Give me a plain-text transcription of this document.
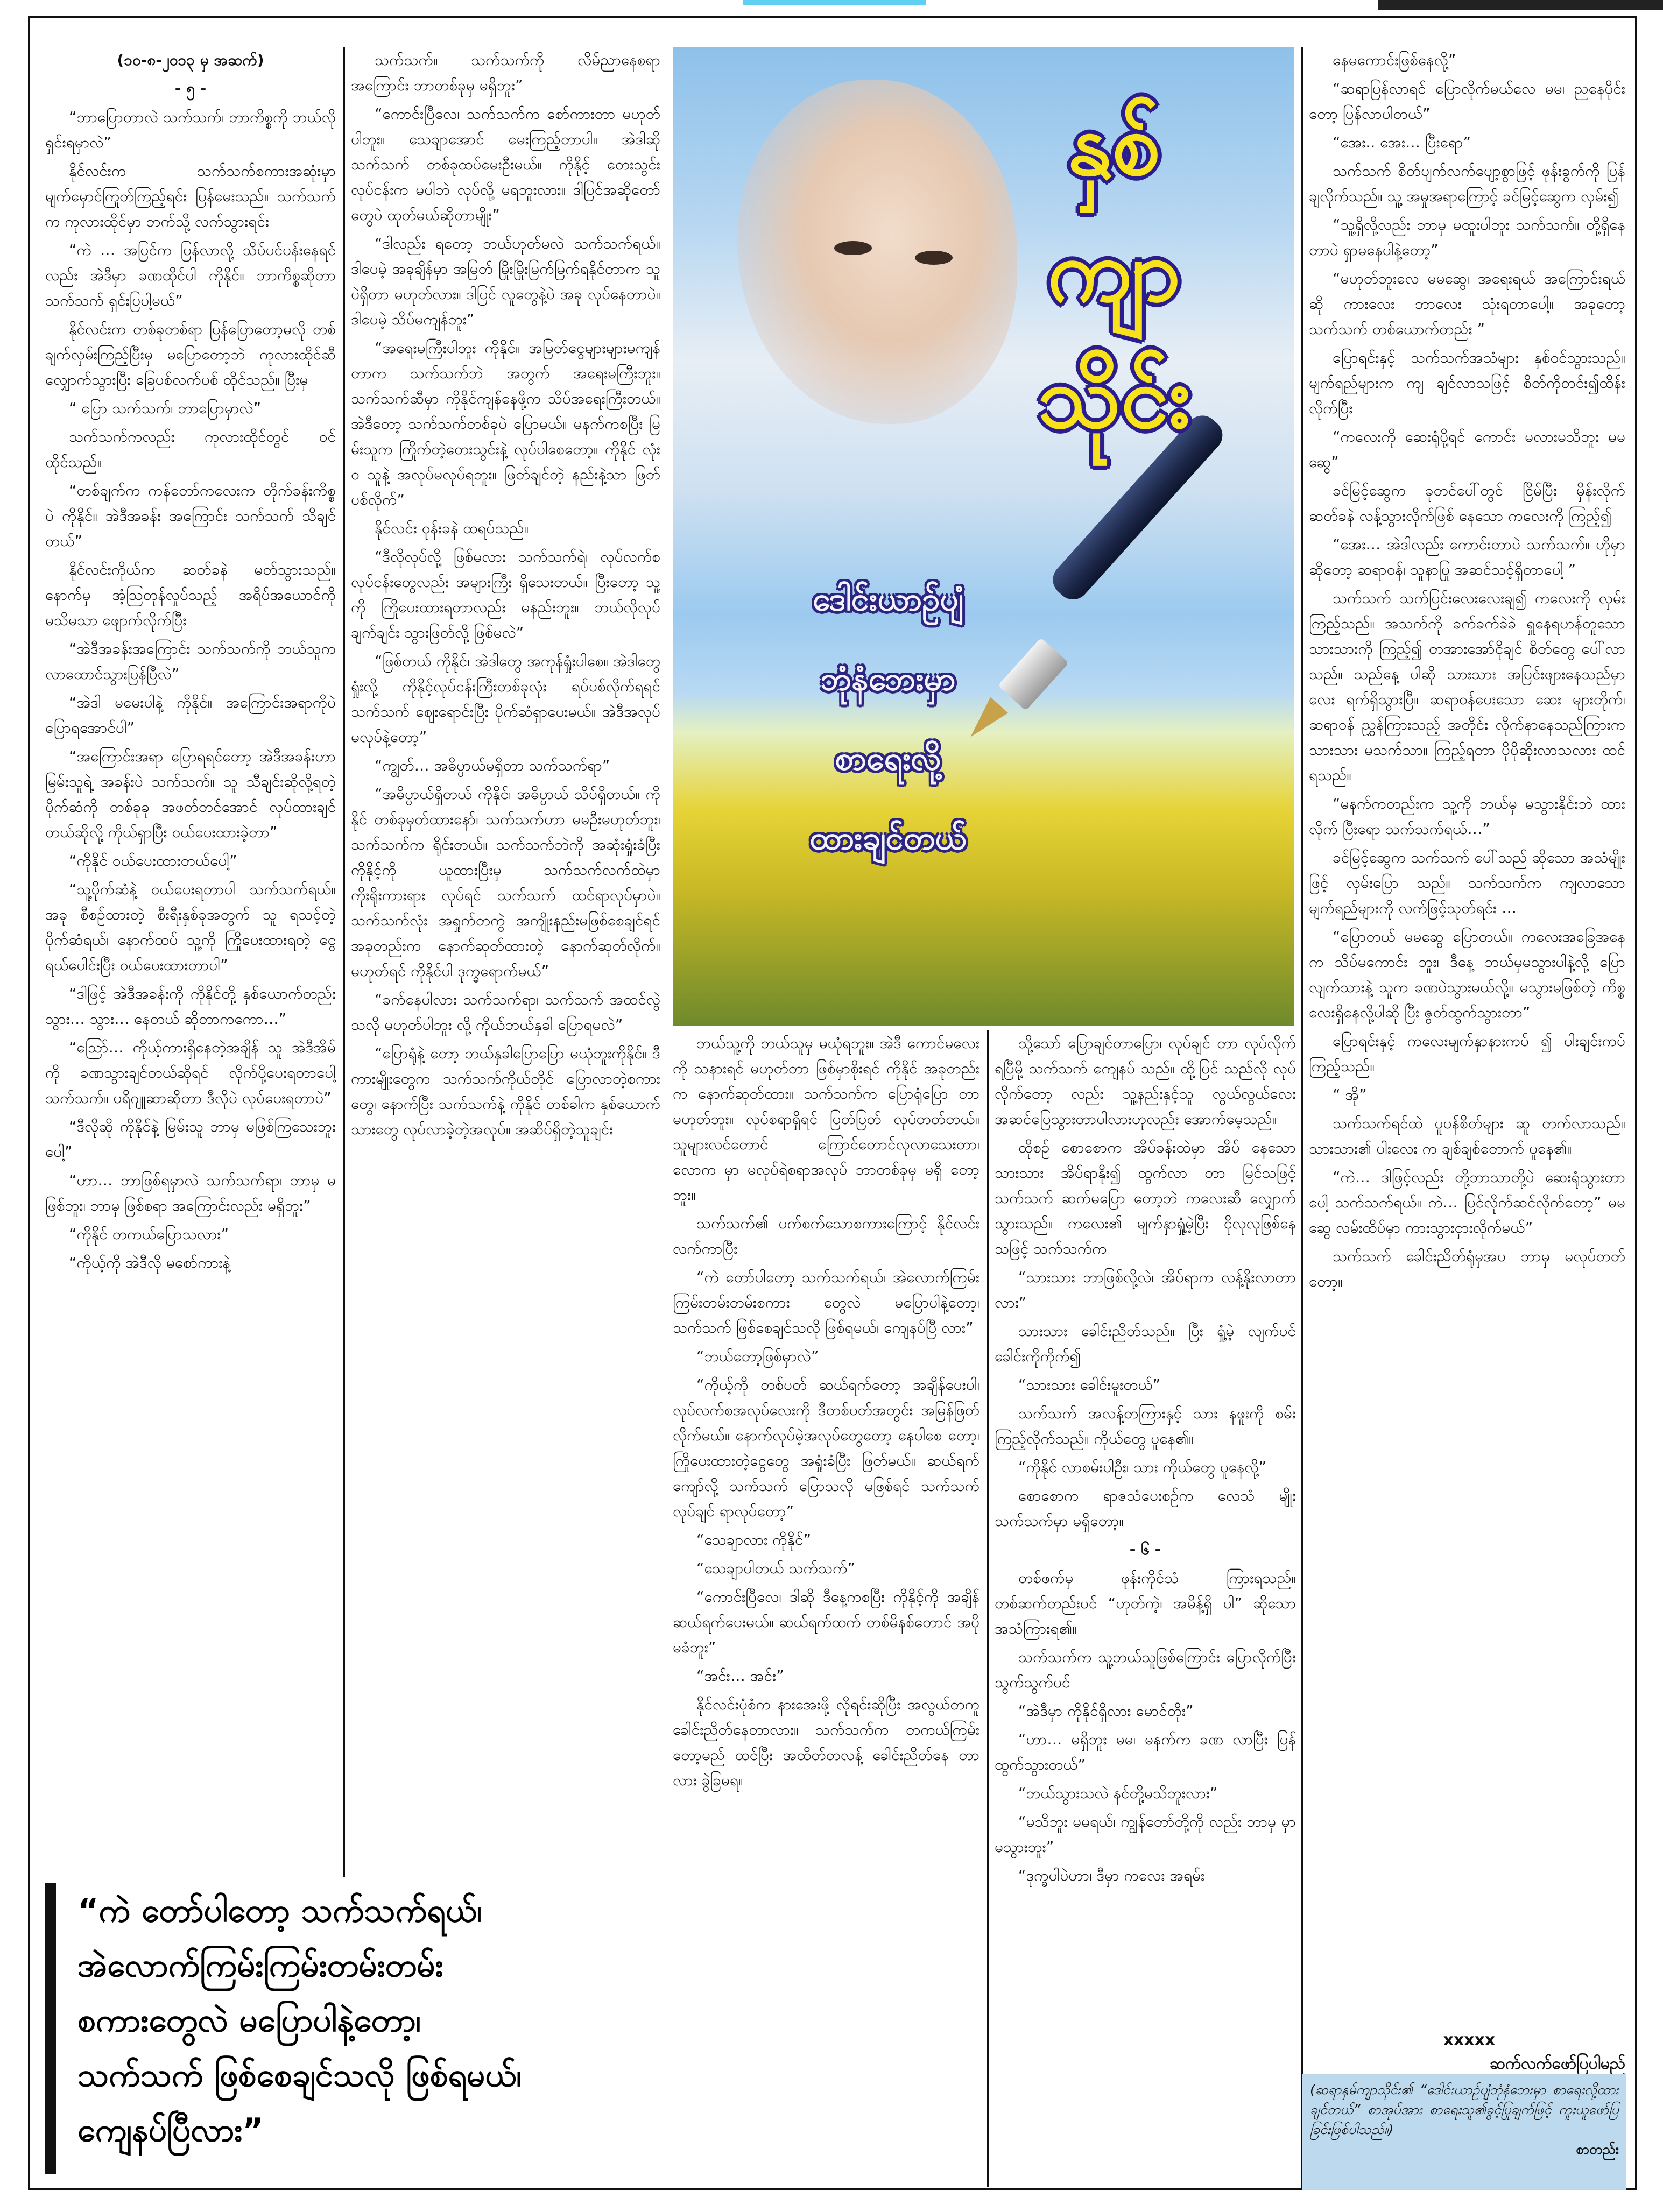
(၁၀-၈-၂၀၁၃ မှ အဆက်)

- ၅ -

“ဘာပြောတာလဲ သက်သက်၊ ဘာကိစ္စကို ဘယ်လိုရှင်းရမှာလဲ”

နိုင်လင်းက သက်သက်စကားအဆုံးမှာ မျက်မှောင်ကြုတ်ကြည့်ရင်း ပြန်မေးသည်။ သက်သက်က ကုလားထိုင်မှာ ဘက်သို့ လက်သွားရင်း

“ကဲ … အပြင်က ပြန်လာလို့ သိပ်ပင်ပန်းနေရင်လည်း အဲဒီမှာ ခဏထိုင်ပါ ကိုနိုင်။ ဘာကိစ္စဆိုတာ သက်သက် ရှင်းပြပါ့မယ်”

နိုင်လင်းက တစ်ခုတစ်ရာ ပြန်ပြောတော့မလို တစ်ချက်လှမ်းကြည့်ပြီးမှ မပြောတော့ဘဲ ကုလားထိုင်ဆီ လျှောက်သွားပြီး ခြေပစ်လက်ပစ် ထိုင်သည်။ ပြီးမှ

“ ပြော သက်သက်၊ ဘာပြောမှာလဲ”

သက်သက်ကလည်း ကုလားထိုင်တွင် ဝင်ထိုင်သည်။

“တစ်ချက်က ကန်တော်ကလေးက တိုက်ခန်းကိစ္စပဲ ကိုနိုင်။ အဲဒီအခန်း အကြောင်း သက်သက် သိချင်တယ်”

နိုင်လင်းကိုယ်က ဆတ်ခနဲ မတ်သွားသည်။ နောက်မှ အံ့သြတုန်လှုပ်သည့် အရိပ်အယောင်ကို မသိမသာ ဖျောက်လိုက်ပြီး

“အဲဒီအခန်းအကြောင်း သက်သက်ကို ဘယ်သူက လာထောင်သွားပြန်ပြီလဲ”

“အဲဒါ မမေးပါနဲ့ ကိုနိုင်။ အကြောင်းအရာကိုပဲ ပြောရအောင်ပါ”

“အကြောင်းအရာ ပြောရရင်တော့ အဲဒီအခန်းဟာ မြမ်းသူရဲ့ အခန်းပဲ သက်သက်။ သူ သီချင်းဆိုလို့ရတဲ့ ပိုက်ဆံကို တစ်ခုခု အဖတ်တင်အောင် လုပ်ထားချင်တယ်ဆိုလို့ ကိုယ်ရှာပြီး ဝယ်ပေးထားခဲ့တာ”

“ကိုနိုင် ဝယ်ပေးထားတယ်ပေါ့”

“သူ့ပိုက်ဆံနဲ့ ဝယ်ပေးရတာပါ သက်သက်ရယ်။ အခု စီစဉ်ထားတဲ့ စီးရီးနှစ်ခုအတွက် သူ ရသင့်တဲ့ ပိုက်ဆံရယ်၊ နောက်ထပ် သူ့ကို ကြိုပေးထားရတဲ့ ငွေရယ်ပေါင်းပြီး ဝယ်ပေးထားတာပါ”

“ဒါဖြင့် အဲဒီအခန်းကို ကိုနိုင်တို့ နှစ်ယောက်တည်း သွား… သွား… နေတယ် ဆိုတာကကော…”

“သြော်… ကိုယ့်ကားရှိနေတဲ့အချိန် သူ အဲဒီအိမ်ကို ခဏသွားချင်တယ်ဆိုရင် လိုက်ပို့ပေးရတာပေါ့ သက်သက်။ ပရိဂျူဆာဆိုတာ ဒီလိုပဲ လုပ်ပေးရတာပဲ”

“ဒီလိုဆို ကိုနိုင်နဲ့ မြမ်းသူ ဘာမှ မဖြစ်ကြသေးဘူးပေါ့”

“ဟာ… ဘာဖြစ်ရမှာလဲ သက်သက်ရာ၊ ဘာမှ မဖြစ်ဘူး၊ ဘာမှ ဖြစ်စရာ အကြောင်းလည်း မရှိဘူး”

“ကိုနိုင် တကယ်ပြောသလား”

“ကိုယ့်ကို အဲဒီလို မစော်ကားနဲ့

သက်သက်။ သက်သက်ကို လိမ်ညာနေစရာအကြောင်း ဘာတစ်ခုမှ မရှိဘူး”

“ကောင်းပြီလေ၊ သက်သက်က စော်ကားတာ မဟုတ်ပါဘူး။ သေချာအောင် မေးကြည့်တာပါ။ အဲဒါဆို သက်သက် တစ်ခုထပ်မေးဦးမယ်။ ကိုနိုင့် တေးသွင်းလုပ်ငန်းက မပါဘဲ လုပ်လို့ မရဘူးလား။ ဒါပြင်အဆိုတော်တွေပဲ ထုတ်မယ်ဆိုတာမျိုး”

“ဒါလည်း ရတော့ ဘယ်ဟုတ်မလဲ သက်သက်ရယ်။ ဒါပေမဲ့ အခုချိန်မှာ အမြတ် မြိုးမြိုးမြက်မြက်ရနိုင်တာက သူပဲရှိတာ မဟုတ်လား။ ဒါပြင် လူတွေနဲ့ပဲ အခု လုပ်နေတာပဲ။ ဒါပေမဲ့ သိပ်မကျန်ဘူး”

“အရေးမကြီးပါဘူး ကိုနိုင်။ အမြတ်ငွေများများမကျန်တာက သက်သက်ဘဲ အတွက် အရေးမကြီးဘူး။ သက်သက်ဆီမှာ ကိုနိုင်ကျန်နေဖို့က သိပ်အရေးကြီးတယ်။ အဲဒီတော့ သက်သက်တစ်ခုပဲ ပြောမယ်။ မနက်ကစပြီး မြမ်းသူက ကြိုက်တဲ့တေးသွင်းနဲ့ လုပ်ပါစေတော့။ ကိုနိုင် လုံးဝ သူနဲ့ အလုပ်မလုပ်ရဘူး။ ဖြတ်ချင်တဲ့ နည်းနဲ့သာ ဖြတ်ပစ်လိုက်”

နိုင်လင်း ဝုန်းခနဲ ထရပ်သည်။

“ဒီလိုလုပ်လို့ ဖြစ်မလား သက်သက်ရဲ၊ လုပ်လက်စ လုပ်ငန်းတွေလည်း အများကြီး ရှိသေးတယ်။ ပြီးတော့ သူ့ကို ကြိုပေးထားရတာလည်း မနည်းဘူး။ ဘယ်လိုလုပ် ချက်ချင်း သွားဖြတ်လို့ ဖြစ်မလဲ”

“ဖြစ်တယ် ကိုနိုင်၊ အဲဒါတွေ အကုန်ရှုံးပါစေ။ အဲဒါတွေ ရှုံးလို့ ကိုနိုင့်လုပ်ငန်းကြီးတစ်ခုလုံး ရပ်ပစ်လိုက်ရရင် သက်သက် ဈေးရောင်းပြီး ပိုက်ဆံရှာပေးမယ်။ အဲဒီအလုပ် မလုပ်နဲ့တော့”

“ကျွတ်… အဓိပ္ပာယ်မရှိတာ သက်သက်ရာ”

“အဓိပ္ပာယ်ရှိတယ် ကိုနိုင်၊ အဓိပ္ပာယ် သိပ်ရှိတယ်။ ကိုနိုင် တစ်ခုမှတ်ထားနော်၊ သက်သက်ဟာ မမဦးမဟုတ်ဘူး၊ သက်သက်က ရိုင်းတယ်။ သက်သက်ဘဲကို အဆုံးရှုံးခံပြီး ကိုနိုင့်ကို ယူထားပြီးမှ သက်သက်လက်ထဲမှာ ကိုးရိုးကားရား လုပ်ရင် သက်သက် ထင်ရာလုပ်မှာပဲ။ သက်သက်လုံး အရှုက်တကွဲ အကျိုးနည်းမဖြစ်စေချင်ရင် အခုတည်းက နောက်ဆုတ်ထားတဲ့ နောက်ဆုတ်လိုက်။ မဟုတ်ရင် ကိုနိုင်ပါ ဒုက္ခရောက်မယ်”

“ခက်နေပါလား သက်သက်ရာ၊ သက်သက် အထင်လွဲသလို မဟုတ်ပါဘူး လို့ ကိုယ်ဘယ်နှခါ ပြောရမလဲ”

“ပြောရုံနဲ့ တော့ ဘယ်နှခါပြောပြော မယုံဘူးကိုနိုင်။ ဒီကားမျိုးတွေက သက်သက်ကိုယ်တိုင် ပြောလာတဲ့စကားတွေ၊ နောက်ပြီး သက်သက်နဲ့ ကိုနိုင် တစ်ခါက နှစ်ယောက်သားတွေ လုပ်လာခဲ့တဲ့အလုပ်။ အဆိပ်ရှိတဲ့သူချင်း

နှစ်
ကျာ
သိုင်း
ဒေါင်းယာဉ်ပျံ
ဘုံနံဘေးမှာ
စာရေးလို့
ထားချင်တယ်

ဘယ်သူ့ကို ဘယ်သူမှ မယုံရဘူး။ အဲဒီ ကောင်မလေးကို သနားရင် မဟုတ်တာ ဖြစ်မှာစိုးရင် ကိုနိုင် အခုတည်းက နောက်ဆုတ်ထား။ သက်သက်က ပြောရုံပြော တာမဟုတ်ဘူး။ လုပ်စရာရှိရင် ပြတ်ပြတ် လုပ်တတ်တယ်။ သူများလင်တောင် ကြောင်တောင်လုလာသေးတာ၊ လောက မှာ မလုပ်ရဲစရာအလုပ် ဘာတစ်ခုမှ မရှိ တော့ဘူး။

သက်သက်၏ ပက်စက်သောစကားကြောင့် နိုင်လင်း လက်ကာပြီး

“ကဲ တော်ပါတော့ သက်သက်ရယ်၊ အဲလောက်ကြမ်းကြမ်းတမ်းတမ်းစကား တွေလဲ မပြောပါနဲ့တော့၊ သက်သက် ဖြစ်စေချင်သလို ဖြစ်ရမယ်၊ ကျေနပ်ပြီ လား”

“ဘယ်တော့ဖြစ်မှာလဲ”

“ကိုယ့်ကို တစ်ပတ် ဆယ်ရက်တော့ အချိန်ပေးပါ၊ လုပ်လက်စအလုပ်လေးကို ဒီတစ်ပတ်အတွင်း အမြန်ဖြတ်လိုက်မယ်။ နောက်လုပ်မဲ့အလုပ်တွေတော့ နေပါစေ တော့၊ ကြိုပေးထားတဲ့ငွေတွေ အရှုံးခံပြီး ဖြတ်မယ်။ ဆယ်ရက်ကျော်လို့ သက်သက် ပြောသလို မဖြစ်ရင် သက်သက် လုပ်ချင် ရာလုပ်တော့”

“သေချာလား ကိုနိုင်”

“သေချာပါတယ် သက်သက်”

“ကောင်းပြီလေ၊ ဒါဆို ဒီနေ့ကစပြီး ကိုနိုင့်ကို အချိန် ဆယ်ရက်ပေးမယ်။ ဆယ်ရက်ထက် တစ်မိနစ်တောင် အပို မခံဘူး”

“အင်း… အင်း”

နိုင်လင်းပုံစံက နားအေးဖို့ လိုရင်းဆိုပြီး အလွယ်တကူ ခေါင်းညိတ်နေတာလား။ သက်သက်က တကယ်ကြမ်းတော့မည် ထင်ပြီး အထိတ်တလန့် ခေါင်းညိတ်နေ တာလား ခွဲခြမရ။

သို့သော် ပြောချင်တာပြော၊ လုပ်ချင် တာ လုပ်လိုက်ရပြီမို့ သက်သက် ကျေနပ် သည်။ ထို့ပြင် သည်လို လုပ်လိုက်တော့ လည်း သူ့နည်းနှင့်သူ လွယ်လွယ်လေး အဆင်ပြေသွားတာပါလားဟုလည်း အောက်မေ့သည်။

ထိုစဉ် စောစောက အိပ်ခန်းထဲမှာ အိပ် နေသော သားသား အိပ်ရာနိုး၍ ထွက်လာ တာ မြင်သဖြင့် သက်သက် ဆက်မပြော တော့ဘဲ ကလေးဆီ လျှောက်သွားသည်။ ကလေး၏ မျက်နှာရှုံ့မဲ့ပြီး ငိုလုလုဖြစ်နေ သဖြင့် သက်သက်က

“သားသား ဘာဖြစ်လို့လဲ၊ အိပ်ရာက လန့်နိုးလာတာလား”

သားသား ခေါင်းညိတ်သည်။ ပြီး ရှုံ့မဲ့ လျက်ပင် ခေါင်းကိုကိုက်၍

“သားသား ခေါင်းမူးတယ်”

သက်သက် အလန့်တကြားနှင့် သား နဖူးကို စမ်းကြည့်လိုက်သည်။ ကိုယ်တွေ ပူနေ၏။

“ကိုနိုင် လာစမ်းပါဦး၊ သား ကိုယ်တွေ ပူနေလို့”

စောစောက ရာဇသံပေးစဉ်က လေသံ မျိုး သက်သက်မှာ မရှိတော့။

- ၆ -

တစ်ဖက်မှ ဖုန်းကိုင်သံ ကြားရသည်။ တစ်ဆက်တည်းပင် “ဟုတ်ကဲ့၊ အမိန့်ရှိ ပါ” ဆိုသော အသံကြားရ၏။

သက်သက်က သူ့ဘယ်သူဖြစ်ကြောင်း ပြောလိုက်ပြီး သွက်သွက်ပင်

“အဲဒီမှာ ကိုနိုင်ရှိလား မောင်တိုး”

“ဟာ… မရှိဘူး မမ၊ မနက်က ခဏ လာပြီး ပြန်ထွက်သွားတယ်”

“ဘယ်သွားသလဲ နင်တို့မသိဘူးလား”

“မသိဘူး မမရယ်၊ ကျွန်တော်တို့ကို လည်း ဘာမှ မှာမသွားဘူး”

“ဒုက္ခပါပဲဟာ၊ ဒီမှာ ကလေး အရမ်း

နေမကောင်းဖြစ်နေလို့”

“ဆရာပြန်လာရင် ပြောလိုက်မယ်လေ မမ၊ ညနေပိုင်းတော့ ပြန်လာပါတယ်”

“အေး.. အေး… ပြီးရော”

သက်သက် စိတ်ပျက်လက်ပျော့စွာဖြင့် ဖုန်းခွက်ကို ပြန်ချလိုက်သည်။ သူ့ အမှုအရာကြောင့် ခင်မြင့်ဆွေက လှမ်း၍

“သူ့ရှိလို့လည်း ဘာမှ မထူးပါဘူး သက်သက်။ တို့ရှိနေတာပဲ ရှာမနေပါနဲ့တော့”

“မဟုတ်ဘူးလေ မမဆွေ၊ အရေးရယ် အကြောင်းရယ်ဆို ကားလေး ဘာလေး သုံးရတာပေါ့။ အခုတော့ သက်သက် တစ်ယောက်တည်း ”

ပြောရင်းနှင့် သက်သက်အသံများ နှစ်ဝင်သွားသည်။ မျက်ရည်များက ကျ ချင်လာသဖြင့် စိတ်ကိုတင်း၍ထိန်းလိုက်ပြီး

“ကလေးကို ဆေးရုံပို့ရင် ကောင်း မလားမသိဘူး မမဆွေ”

ခင်မြင့်ဆွေက ခုတင်ပေါ်တွင် ငြိမ်ပြီး မှိန်းလိုက် ဆတ်ခနဲ လန့်သွားလိုက်ဖြစ် နေသော ကလေးကို ကြည့်၍

“အေး… အဲဒါလည်း ကောင်းတာပဲ သက်သက်။ ဟိုမှာဆိုတော့ ဆရာဝန်၊ သူနာပြု အဆင်သင့်ရှိတာပေါ့ ”

သက်သက် သက်ပြင်းလေးလေးချ၍ ကလေးကို လှမ်းကြည့်သည်။ အသက်ကို ခက်ခက်ခဲခဲ ရှူနေရဟန်တူသော သားသားကို ကြည့်၍ တအားအော်ငိုချင် စိတ်တွေ ပေါ်လာသည်။ သည်နေ့ ပါဆို သားသား အပြင်းဖျားနေသည်မှာ လေး ရက်ရှိသွားပြီ။ ဆရာဝန်ပေးသော ဆေး များတိုက်၊ ဆရာဝန် ညွှန်ကြားသည့် အတိုင်း လိုက်နာနေသည်ကြားက သားသား မသက်သာ။ ကြည့်ရတာ ပိုပိုဆိုးလာသလား ထင်ရသည်။

“မနက်ကတည်းက သူ့ကို ဘယ်မှ မသွားနိုင်းဘဲ ထားလိုက် ပြီးရော သက်သက်ရယ်…”

ခင်မြင့်ဆွေက သက်သက် ပေါ်သည် ဆိုသော အသံမျိုးဖြင့် လှမ်းပြော သည်။ သက်သက်က ကျလာသော မျက်ရည်များကို လက်ဖြင့်သုတ်ရင်း …

“ပြောတယ် မမဆွေ ပြောတယ်။ ကလေးအခြေအနေက သိပ်မကောင်း ဘူး၊ ဒီနေ့ ဘယ်မှမသွားပါနဲ့လို့ ပြော လျက်သားနဲ့ သူက ခဏပဲသွားမယ်လို့။ မသွားမဖြစ်တဲ့ ကိစ္စလေးရှိနေလို့ပါဆို ပြီး ဇွတ်ထွက်သွားတာ”

ပြောရင်းနှင့် ကလေးမျက်နှာနားကပ် ၍ ပါးချင်းကပ်ကြည့်သည်။

“ အို”

သက်သက်ရင်ထဲ ပူပန်စိတ်များ ဆူ တက်လာသည်။ သားသား၏ ပါးလေး က ချစ်ချစ်တောက် ပူနေ၏။

“ကဲ… ဒါဖြင့်လည်း တို့ဘာသာတို့ပဲ ဆေးရုံသွားတာပေါ့ သက်သက်ရယ်။ ကဲ… ပြင်လိုက်ဆင်လိုက်တော့” မမဆွေ လမ်းထိပ်မှာ ကားသွားငှားလိုက်မယ်”

သက်သက် ခေါင်းညိတ်ရုံမှအပ ဘာမှ မလုပ်တတ်တော့။

xxxxx
ဆက်လက်ဖော်ပြပါမည်
“ကဲ တော်ပါတော့ သက်သက်ရယ်၊
အဲလောက်ကြမ်းကြမ်းတမ်းတမ်း
စကားတွေလဲ မပြောပါနဲ့တော့၊
သက်သက် ဖြစ်စေချင်သလို ဖြစ်ရမယ်၊
ကျေနပ်ပြီလား”
(ဆရာနှမ်ကျာသိုင်း၏ “ဒေါင်းယာဉ်ပျံဘုံနံဘေးမှာ စာရေးလို့ထားချင်တယ်” စာအုပ်အား စာရေးသူ၏ခွင့်ပြုချက်ဖြင့် ကူးယူဖော်ပြခြင်းဖြစ်ပါသည်။)
စာတည်း
